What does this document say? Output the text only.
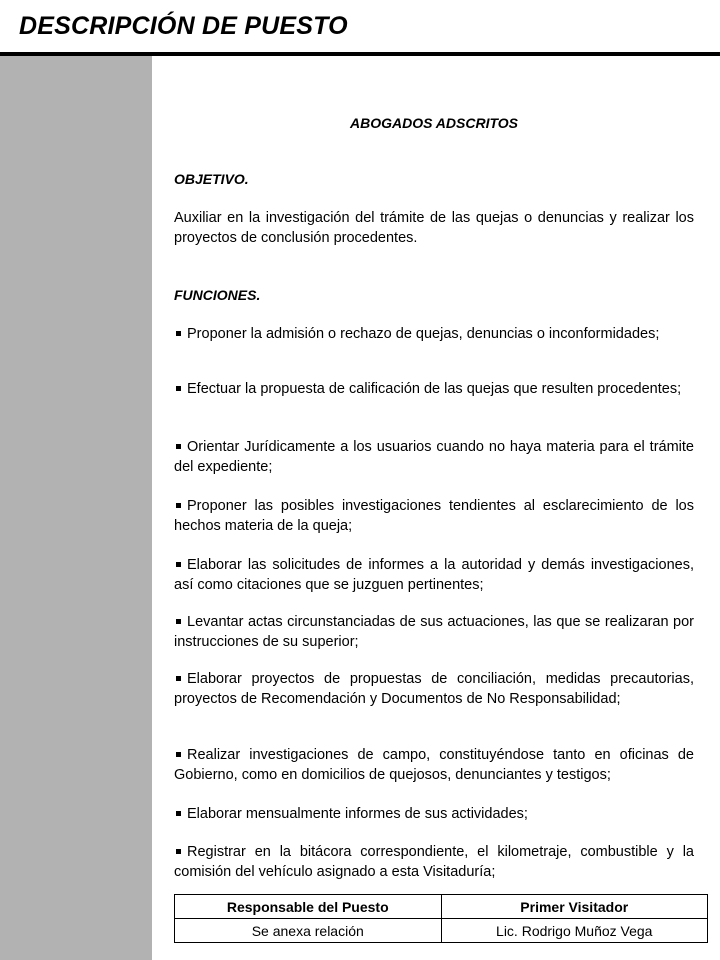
DESCRIPCIÓN DE PUESTO
ABOGADOS ADSCRITOS
OBJETIVO.
Auxiliar en la investigación del trámite de las quejas o denuncias y realizar los proyectos de conclusión procedentes.
FUNCIONES.
Proponer la admisión o rechazo de quejas, denuncias o inconformidades;
Efectuar la propuesta de calificación de las quejas que resulten procedentes;
Orientar Jurídicamente a los usuarios cuando no haya materia para el trámite del expediente;
Proponer las posibles investigaciones tendientes al esclarecimiento de los hechos materia de la queja;
Elaborar las solicitudes de informes a la autoridad y demás investigaciones, así como citaciones que se juzguen pertinentes;
Levantar actas circunstanciadas de sus actuaciones, las que se realizaran por instrucciones de su superior;
Elaborar proyectos de propuestas de conciliación, medidas precautorias, proyectos de Recomendación y Documentos de No Responsabilidad;
Realizar investigaciones de campo, constituyéndose tanto en oficinas de Gobierno, como en domicilios de quejosos, denunciantes y testigos;
Elaborar mensualmente informes de sus actividades;
Registrar en la bitácora correspondiente, el kilometraje, combustible y la comisión del vehículo asignado a esta Visitaduría;
Responsable del Puesto	Primer Visitador
Se anexa relación	Lic. Rodrigo Muñoz Vega
